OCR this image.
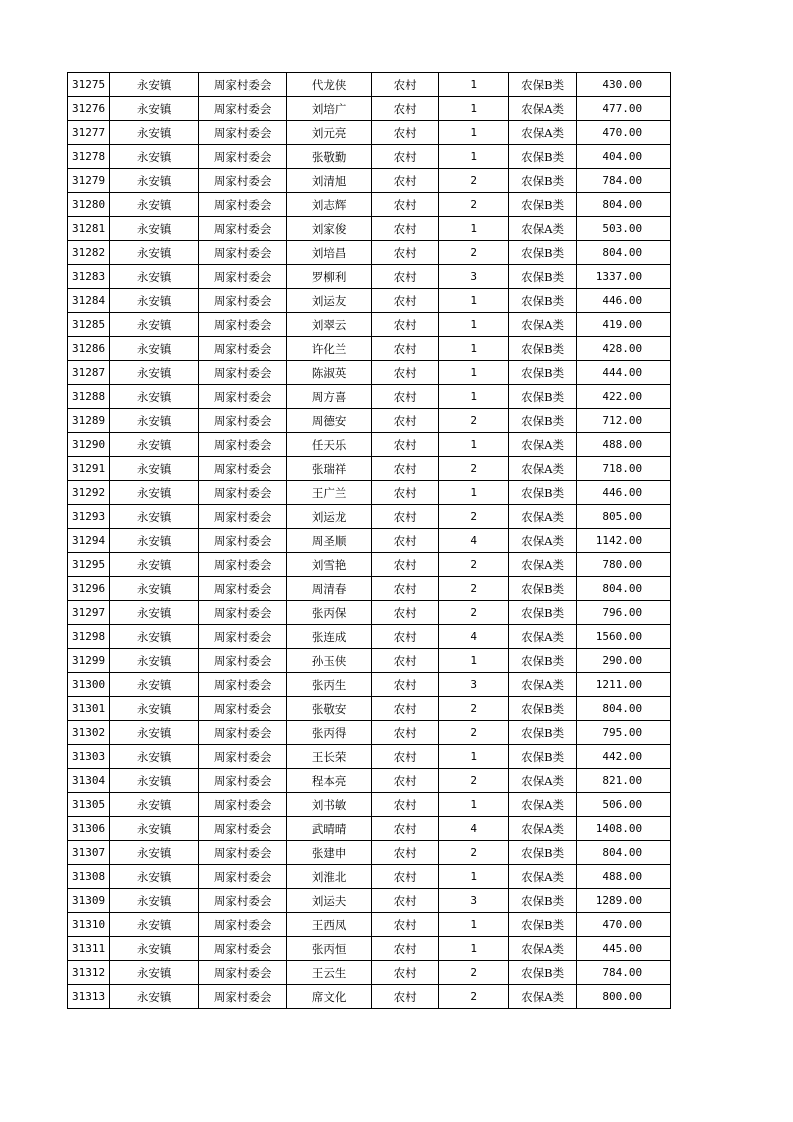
31275	永安镇	周家村委会	代龙侠	农村	1	农保B类	430.00
31276	永安镇	周家村委会	刘培广	农村	1	农保A类	477.00
31277	永安镇	周家村委会	刘元亮	农村	1	农保A类	470.00
31278	永安镇	周家村委会	张敬勤	农村	1	农保B类	404.00
31279	永安镇	周家村委会	刘清旭	农村	2	农保B类	784.00
31280	永安镇	周家村委会	刘志辉	农村	2	农保B类	804.00
31281	永安镇	周家村委会	刘家俊	农村	1	农保A类	503.00
31282	永安镇	周家村委会	刘培昌	农村	2	农保B类	804.00
31283	永安镇	周家村委会	罗柳利	农村	3	农保B类	1337.00
31284	永安镇	周家村委会	刘运友	农村	1	农保B类	446.00
31285	永安镇	周家村委会	刘翠云	农村	1	农保A类	419.00
31286	永安镇	周家村委会	许化兰	农村	1	农保B类	428.00
31287	永安镇	周家村委会	陈淑英	农村	1	农保B类	444.00
31288	永安镇	周家村委会	周方喜	农村	1	农保B类	422.00
31289	永安镇	周家村委会	周德安	农村	2	农保B类	712.00
31290	永安镇	周家村委会	任天乐	农村	1	农保A类	488.00
31291	永安镇	周家村委会	张瑞祥	农村	2	农保A类	718.00
31292	永安镇	周家村委会	王广兰	农村	1	农保B类	446.00
31293	永安镇	周家村委会	刘运龙	农村	2	农保A类	805.00
31294	永安镇	周家村委会	周圣顺	农村	4	农保A类	1142.00
31295	永安镇	周家村委会	刘雪艳	农村	2	农保A类	780.00
31296	永安镇	周家村委会	周清春	农村	2	农保B类	804.00
31297	永安镇	周家村委会	张丙保	农村	2	农保B类	796.00
31298	永安镇	周家村委会	张连成	农村	4	农保A类	1560.00
31299	永安镇	周家村委会	孙玉侠	农村	1	农保B类	290.00
31300	永安镇	周家村委会	张丙生	农村	3	农保A类	1211.00
31301	永安镇	周家村委会	张敬安	农村	2	农保B类	804.00
31302	永安镇	周家村委会	张丙得	农村	2	农保B类	795.00
31303	永安镇	周家村委会	王长荣	农村	1	农保B类	442.00
31304	永安镇	周家村委会	程本亮	农村	2	农保A类	821.00
31305	永安镇	周家村委会	刘书敏	农村	1	农保A类	506.00
31306	永安镇	周家村委会	武晴晴	农村	4	农保A类	1408.00
31307	永安镇	周家村委会	张建申	农村	2	农保B类	804.00
31308	永安镇	周家村委会	刘淮北	农村	1	农保A类	488.00
31309	永安镇	周家村委会	刘运夫	农村	3	农保B类	1289.00
31310	永安镇	周家村委会	王西凤	农村	1	农保B类	470.00
31311	永安镇	周家村委会	张丙恒	农村	1	农保A类	445.00
31312	永安镇	周家村委会	王云生	农村	2	农保B类	784.00
31313	永安镇	周家村委会	席文化	农村	2	农保A类	800.00
